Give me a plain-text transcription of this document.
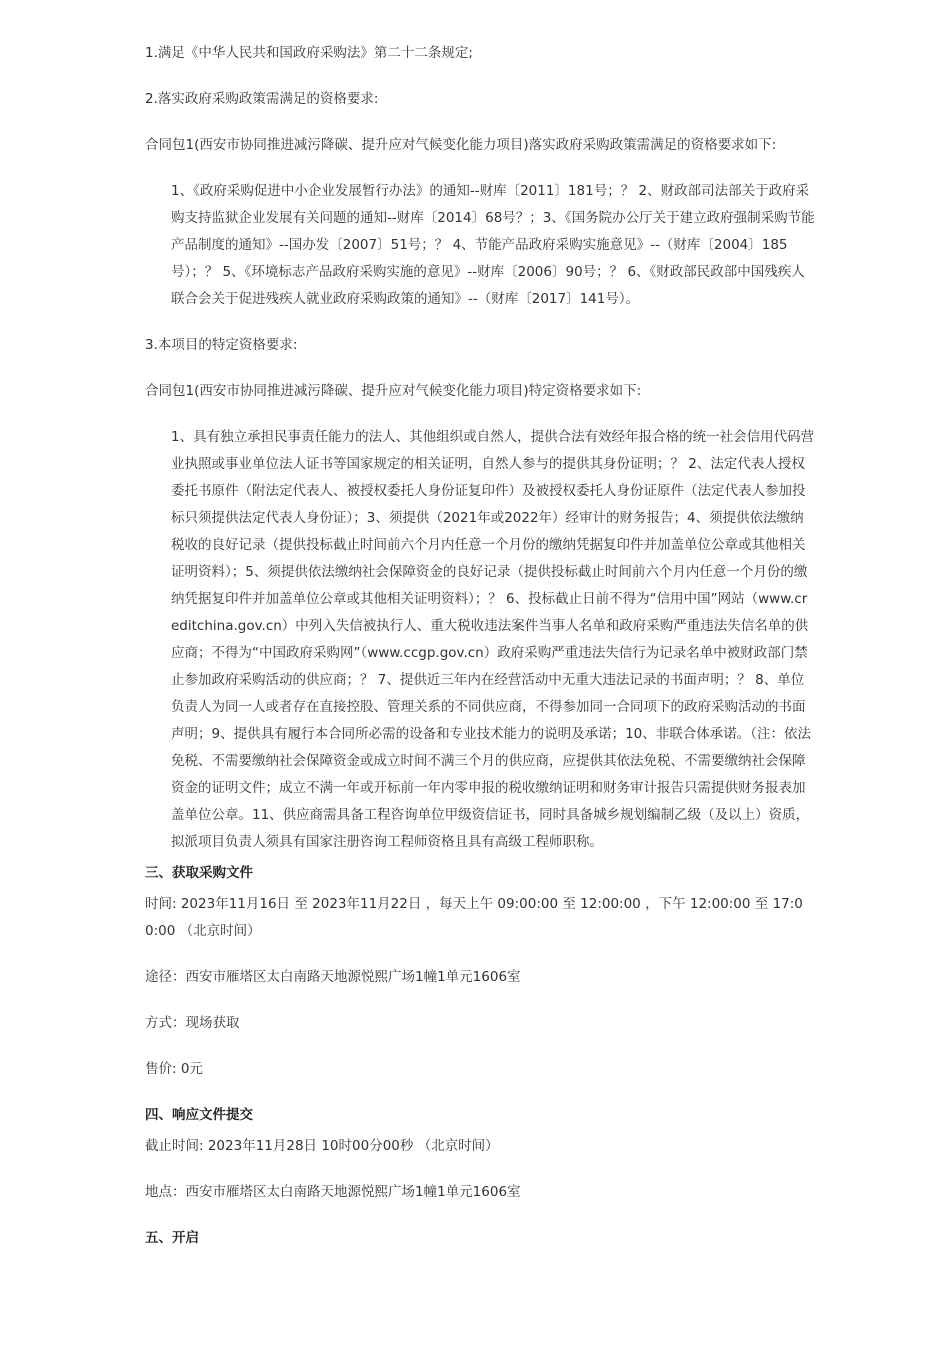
1.满足《中华人民共和国政府采购法》第二十二条规定;

2.落实政府采购政策需满足的资格要求:

合同包1(西安市协同推进减污降碳、提升应对气候变化能力项目)落实政府采购政策需满足的资格要求如下:

1、《政府采购促进中小企业发展暂行办法》的通知--财库〔2011〕181号；？ 2、财政部司法部关于政府采购支持监狱企业发展有关问题的通知--财库〔2014〕68号？；3、《国务院办公厅关于建立政府强制采购节能产品制度的通知》--国办发〔2007〕51号；？ 4、节能产品政府采购实施意见》--（财库〔2004〕185号）；？ 5、《环境标志产品政府采购实施的意见》--财库〔2006〕90号；？ 6、《财政部民政部中国残疾人联合会关于促进残疾人就业政府采购政策的通知》--（财库〔2017〕141号）。

3.本项目的特定资格要求:

合同包1(西安市协同推进减污降碳、提升应对气候变化能力项目)特定资格要求如下:

1、具有独立承担民事责任能力的法人、其他组织或自然人，提供合法有效经年报合格的统一社会信用代码营业执照或事业单位法人证书等国家规定的相关证明，自然人参与的提供其身份证明；？ 2、法定代表人授权委托书原件（附法定代表人、被授权委托人身份证复印件）及被授权委托人身份证原件（法定代表人参加投标只须提供法定代表人身份证）；3、须提供（2021年或2022年）经审计的财务报告；4、须提供依法缴纳税收的良好记录（提供投标截止时间前六个月内任意一个月份的缴纳凭据复印件并加盖单位公章或其他相关证明资料）；5、须提供依法缴纳社会保障资金的良好记录（提供投标截止时间前六个月内任意一个月份的缴纳凭据复印件并加盖单位公章或其他相关证明资料）；？ 6、投标截止日前不得为“信用中国”网站（www.creditchina.gov.cn）中列入失信被执行人、重大税收违法案件当事人名单和政府采购严重违法失信名单的供应商；不得为“中国政府采购网”（www.ccgp.gov.cn）政府采购严重违法失信行为记录名单中被财政部门禁止参加政府采购活动的供应商；？ 7、提供近三年内在经营活动中无重大违法记录的书面声明；？ 8、单位负责人为同一人或者存在直接控股、管理关系的不同供应商，不得参加同一合同项下的政府采购活动的书面声明；9、提供具有履行本合同所必需的设备和专业技术能力的说明及承诺；10、非联合体承诺。（注：依法免税、不需要缴纳社会保障资金或成立时间不满三个月的供应商，应提供其依法免税、不需要缴纳社会保障资金的证明文件；成立不满一年或开标前一年内零申报的税收缴纳证明和财务审计报告只需提供财务报表加盖单位公章。11、供应商需具备工程咨询单位甲级资信证书，同时具备城乡规划编制乙级（及以上）资质，拟派项目负责人须具有国家注册咨询工程师资格且具有高级工程师职称。

三、获取采购文件

时间: 2023年11月16日 至 2023年11月22日 ，每天上午 09:00:00 至 12:00:00 ，下午 12:00:00 至 17:00:00 （北京时间）

途径：西安市雁塔区太白南路天地源悦熙广场1幢1单元1606室

方式：现场获取

售价: 0元

四、响应文件提交

截止时间: 2023年11月28日 10时00分00秒 （北京时间）

地点：西安市雁塔区太白南路天地源悦熙广场1幢1单元1606室

五、开启
